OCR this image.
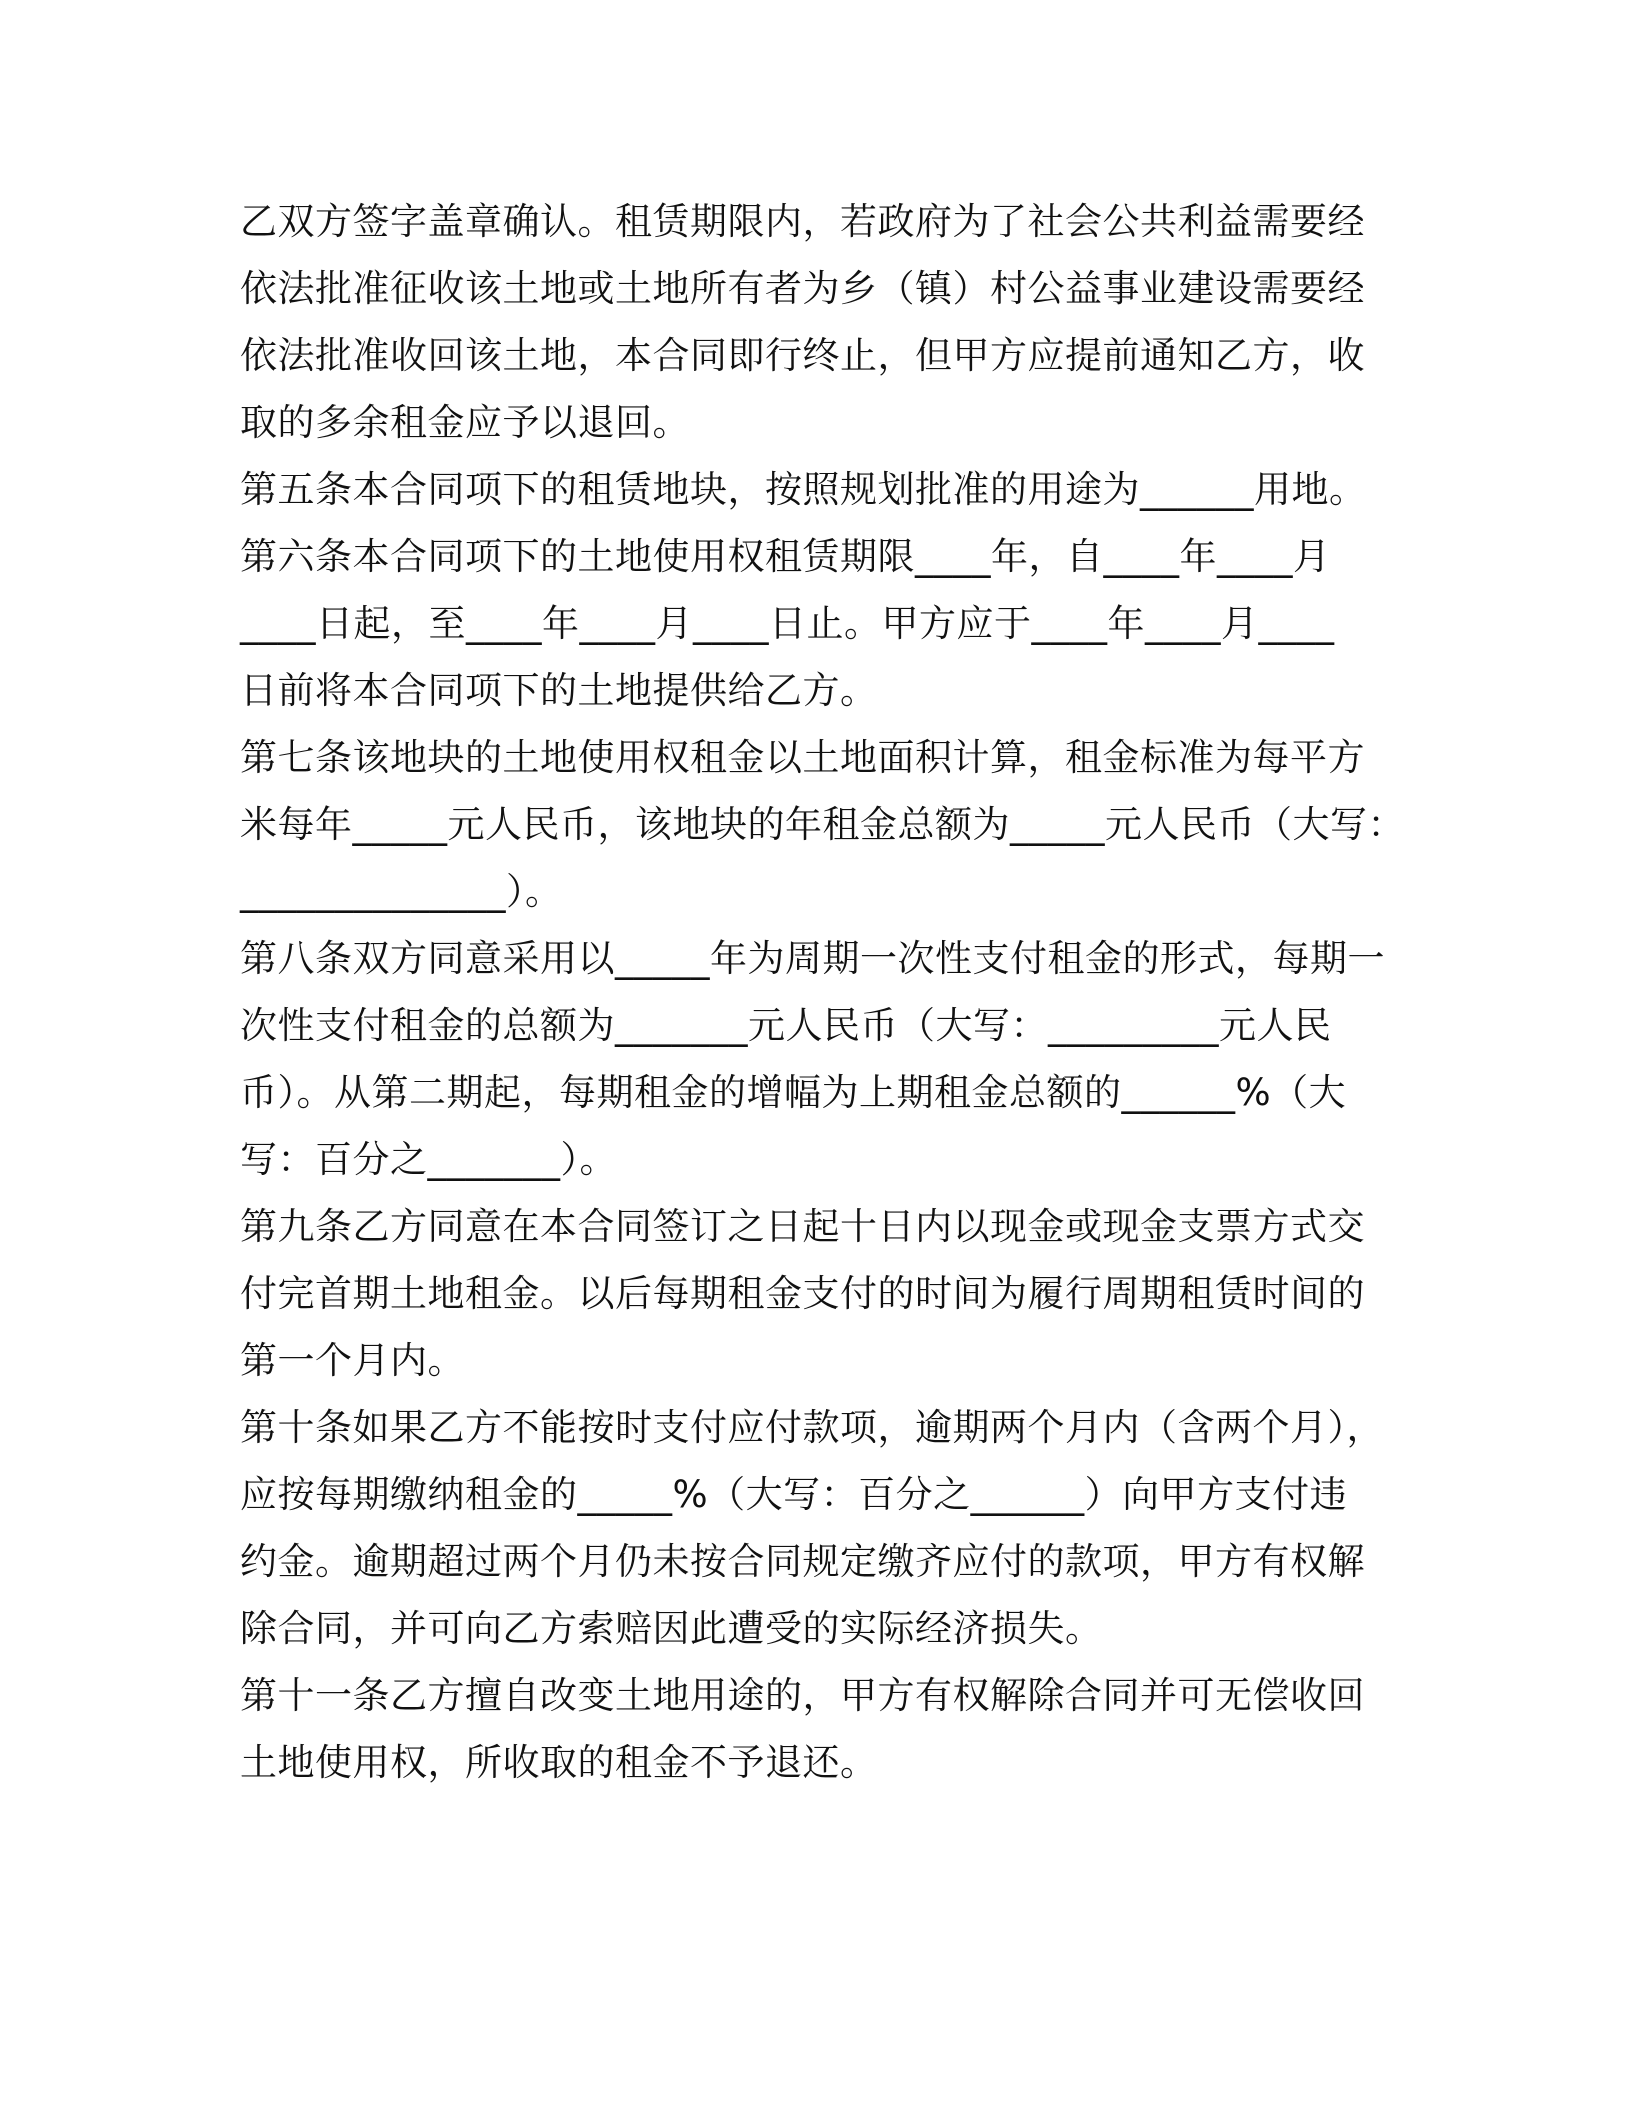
乙双方签字盖章确认。租赁期限内，若政府为了社会公共利益需要经
依法批准征收该土地或土地所有者为乡（镇）村公益事业建设需要经
依法批准收回该土地，本合同即行终止，但甲方应提前通知乙方，收
取的多余租金应予以退回。
第五条本合同项下的租赁地块，按照规划批准的用途为______用地。
第六条本合同项下的土地使用权租赁期限____年，自____年____月
____日起，至____年____月____日止。甲方应于____年____月____
日前将本合同项下的土地提供给乙方。
第七条该地块的土地使用权租金以土地面积计算，租金标准为每平方
米每年_____元人民币，该地块的年租金总额为_____元人民币（大写：
______________）。
第八条双方同意采用以_____年为周期一次性支付租金的形式，每期一
次性支付租金的总额为_______元人民币（大写：_________元人民
币）。从第二期起，每期租金的增幅为上期租金总额的______%（大
写：百分之_______）。
第九条乙方同意在本合同签订之日起十日内以现金或现金支票方式交
付完首期土地租金。以后每期租金支付的时间为履行周期租赁时间的
第一个月内。
第十条如果乙方不能按时支付应付款项，逾期两个月内（含两个月），
应按每期缴纳租金的_____%（大写：百分之______）向甲方支付违
约金。逾期超过两个月仍未按合同规定缴齐应付的款项，甲方有权解
除合同，并可向乙方索赔因此遭受的实际经济损失。
第十一条乙方擅自改变土地用途的，甲方有权解除合同并可无偿收回
土地使用权，所收取的租金不予退还。
